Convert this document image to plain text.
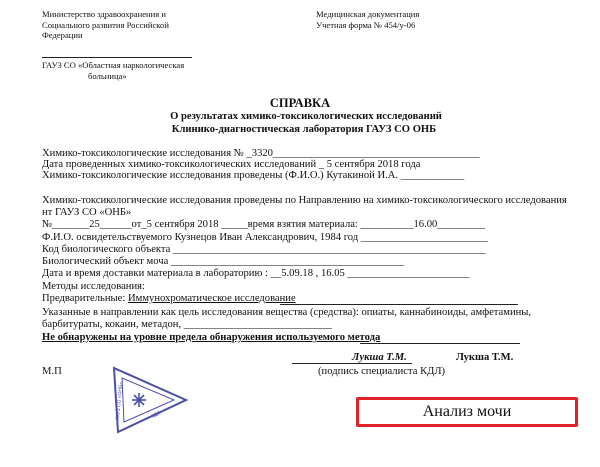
Министерство здравоохранения и
Социального развития Российской
Федерации
ГАУЗ СО «Областная наркологическая
больница»
Медицинская документация
Учетная форма № 454/у-06
СПРАВКА
О результатах химико-токсикологических исследований
Клинико-диагностическая лаборатория ГАУЗ СО ОНБ
Химико-токсикологические исследования № _3320_______________________________________
Дата проведенных химико-токсикологических исследований _ 5 сентября 2018 года
Химико-токсикологические исследования проведены (Ф.И.О.) Кутакиной И.А. ____________
Химико-токсикологические исследования проведены по Направлению на химико-токсикологического исследования
нт ГАУЗ СО «ОНБ»
№_______25______от_5 сентября 2018 _____время взятия материала: __________16.00_________
Ф.И.О. освидетельствуемого Кузнецов Иван Александрович, 1984 год ________________________
Код биологического объекта ___________________________________________________________
Биологический объект моча ____________________________________________
Дата и время доставки материала в лабораторию : __5.09.18 , 16.05 _______________________
Методы исследования:
Предварительные: Иммунохроматическое исследование
Указанные в направлении как цель исследования вещества (средства): опиаты, каннабиноиды, амфетамины,
барбитураты, кокаин, метадон, ____________________________
Не обнаружены на уровне предела обнаружения используемого метода
Лукша Т.М.	Лукша Т.М.
(подпись специалиста КДЛ)
М.П
ГАУЗ СО «ОНБ»	КДЛ	Анализ мочи
